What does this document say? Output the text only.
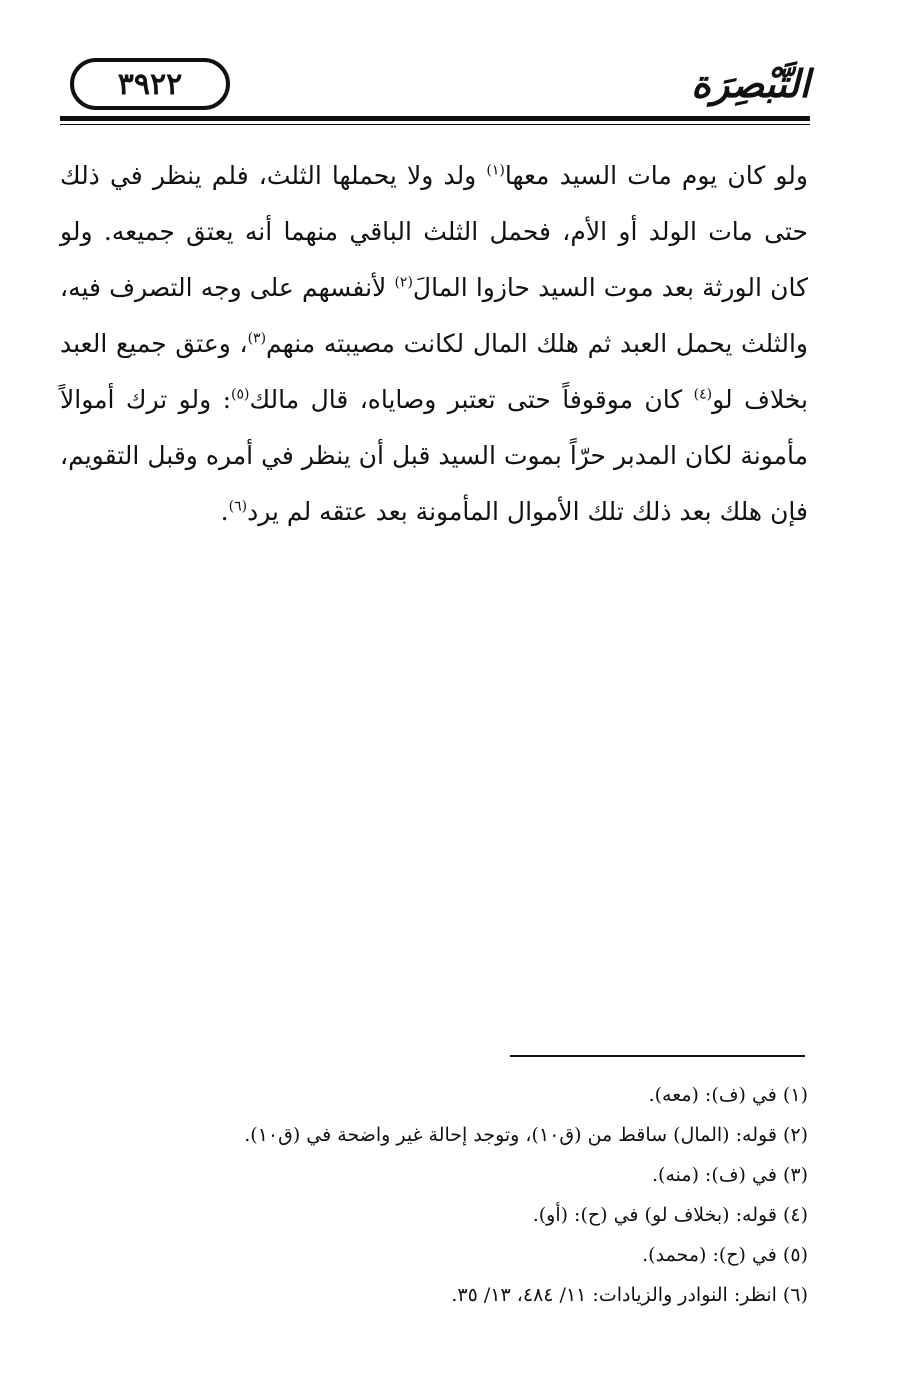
٣٩٢٢	التَّبْصِرَة

ولو كان يوم مات السيد معها$^{(١)}$ ولد ولا يحملها الثلث، فلم ينظر في ذلك حتى مات الولد أو الأم، فحمل الثلث الباقي منهما أنه يعتق جميعه. ولو كان الورثة بعد موت السيد حازوا المالَ$^{(٢)}$ لأنفسهم على وجه التصرف فيه، والثلث يحمل العبد ثم هلك المال لكانت مصيبته منهم$^{(٣)}$، وعتق جميع العبد بخلاف لو$^{(٤)}$ كان موقوفاً حتى تعتبر وصاياه، قال مالك$^{(٥)}$: ولو ترك أموالاً مأمونة لكان المدبر حرّاً بموت السيد قبل أن ينظر في أمره وقبل التقويم، فإن هلك بعد ذلك تلك الأموال المأمونة بعد عتقه لم يرد$^{(٦)}$.

(١) في (ف): (معه).

(٢) قوله: (المال) ساقط من (ق١٠)، وتوجد إحالة غير واضحة في (ق١٠).

(٣) في (ف): (منه).

(٤) قوله: (بخلاف لو) في (ح): (أو).

(٥) في (ح): (محمد).

(٦) انظر: النوادر والزيادات: ١١/ ٤٨٤، ١٣/ ٣٥.
